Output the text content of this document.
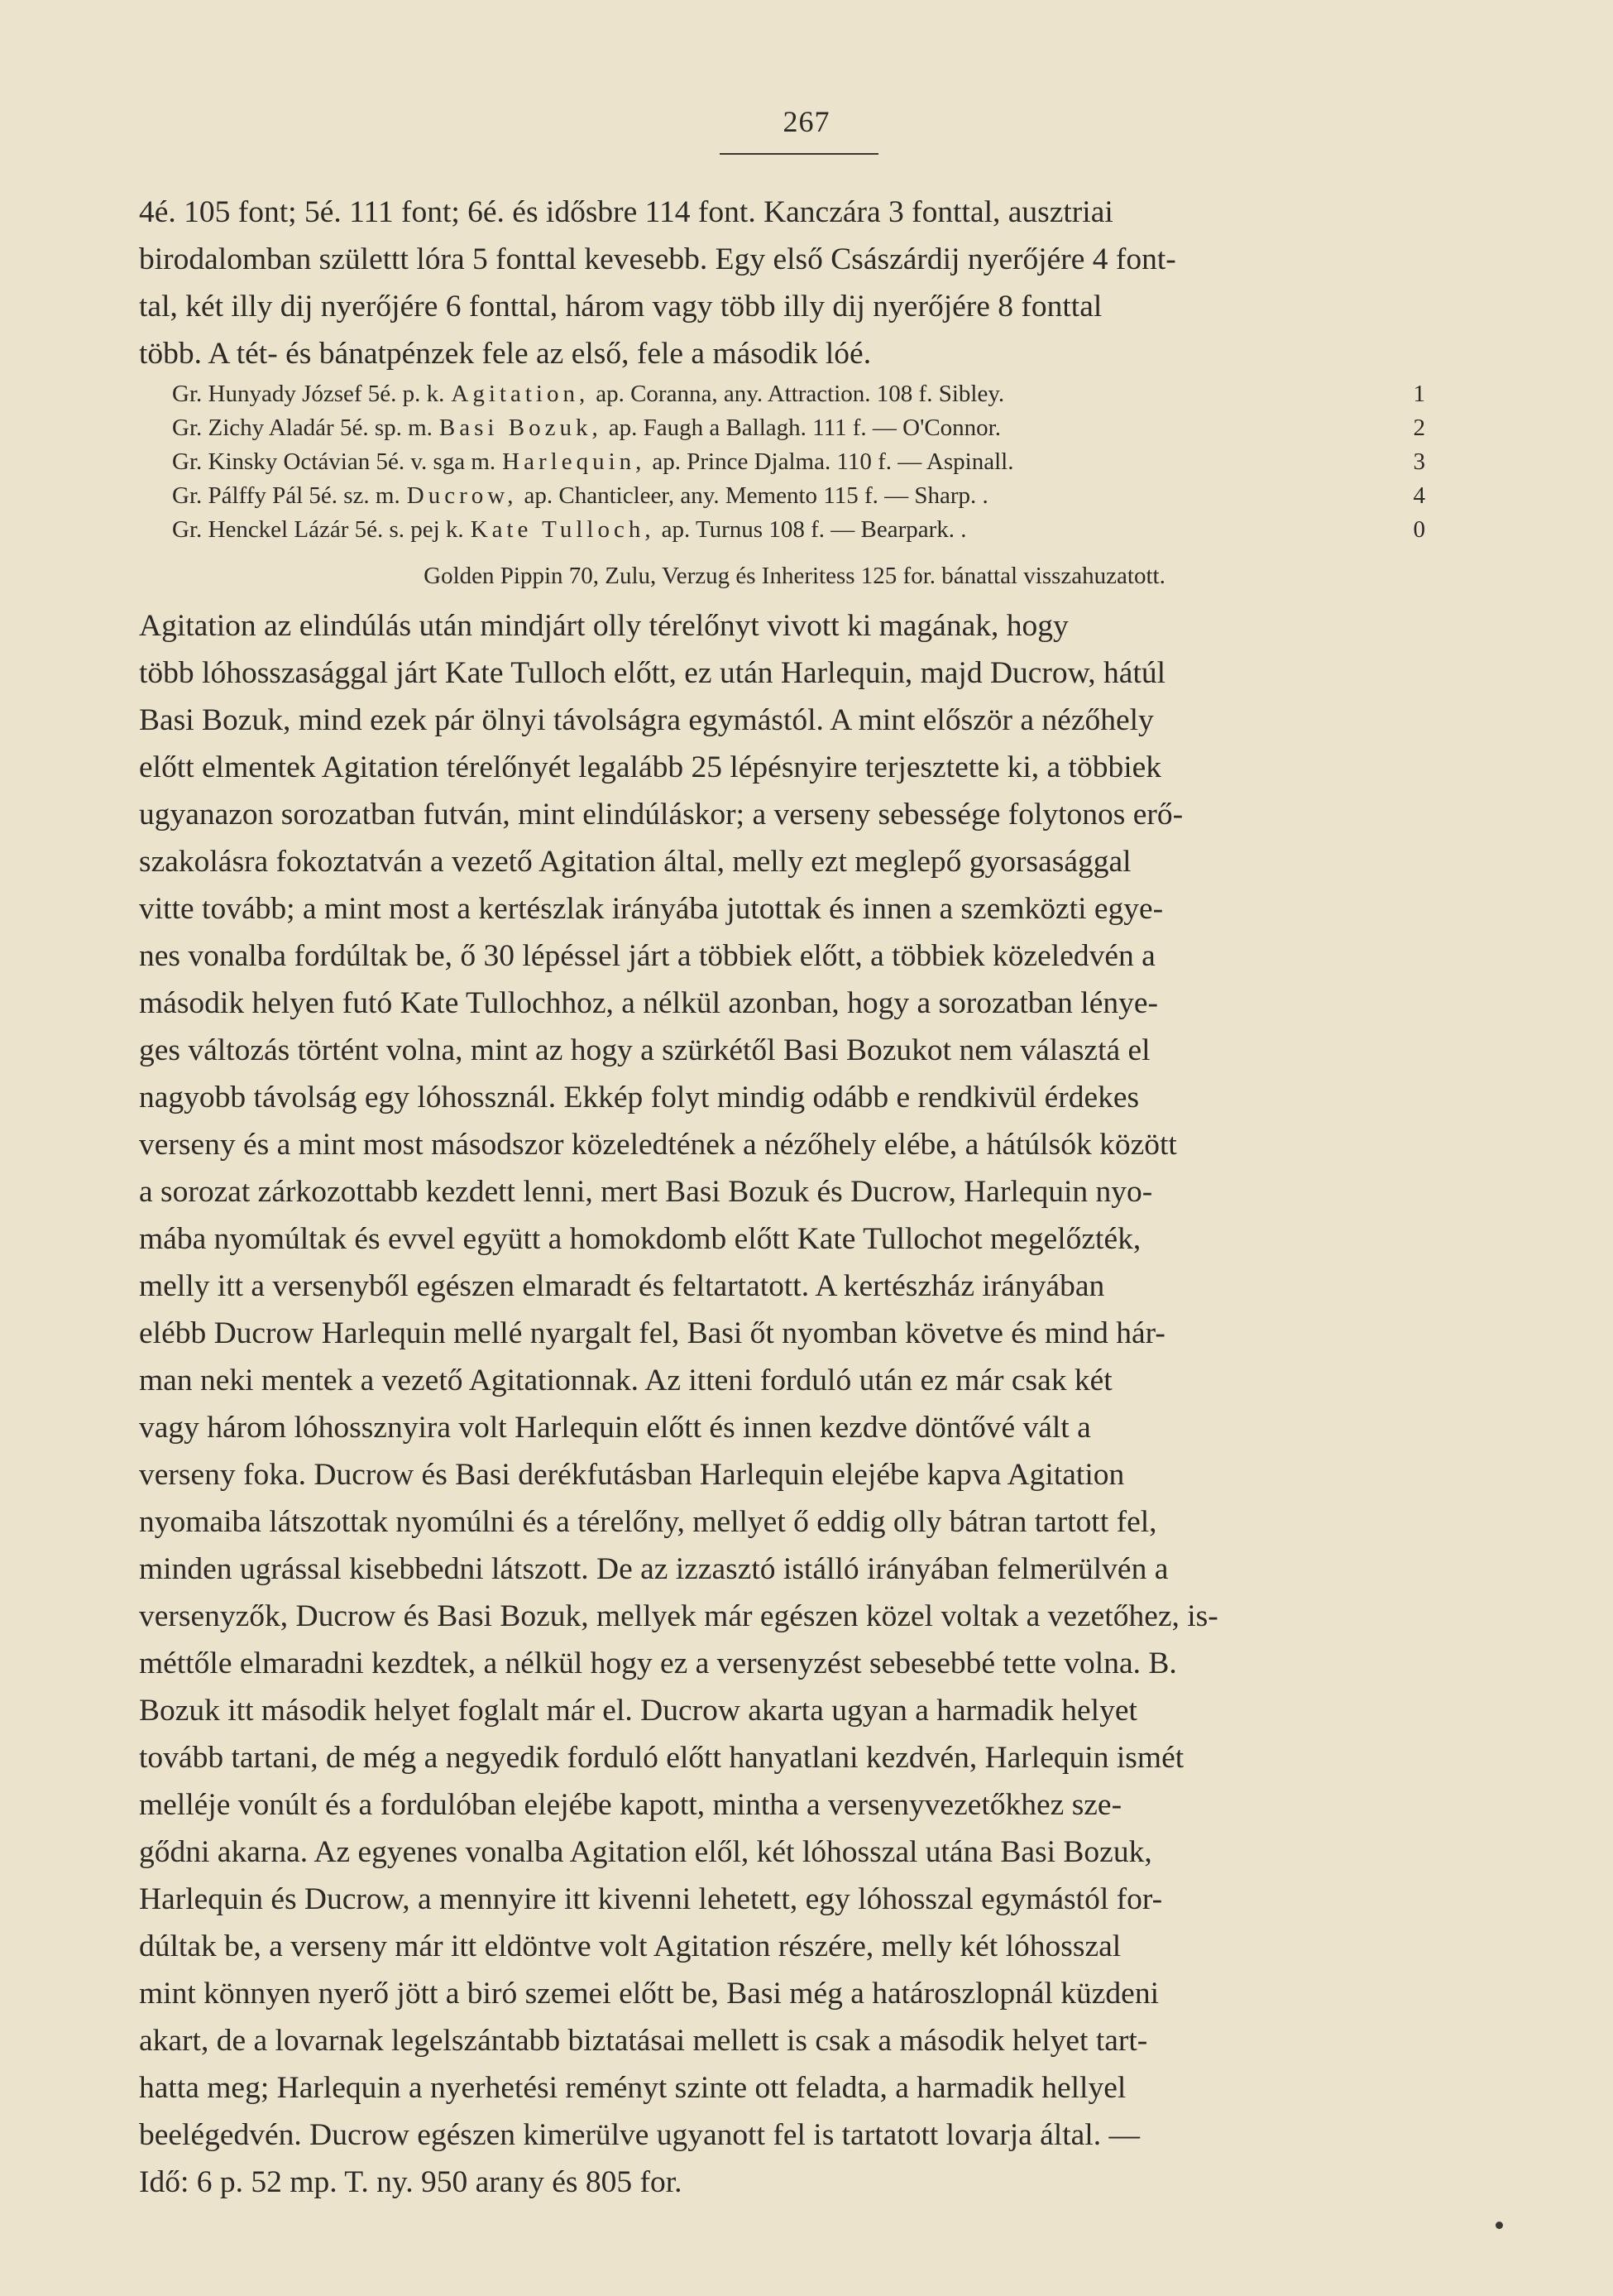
267
4é. 105 font; 5é. 111 font; 6é. és idősbre 114 font. Kanczára 3 fonttal, ausztriai
birodalomban születtt lóra 5 fonttal kevesebb. Egy első Császárdij nyerőjére 4 font-
tal, két illy dij nyerőjére 6 fonttal, három vagy több illy dij nyerőjére 8 fonttal
több. A tét- és bánatpénzek fele az első, fele a második lóé.
Gr. Hunyady József 5é. p. k. Agitation, ap. Coranna, any. Attraction. 108 f. Sibley.	1
Gr. Zichy Aladár 5é. sp. m. Basi Bozuk, ap. Faugh a Ballagh. 111 f. — O'Connor.	2
Gr. Kinsky Octávian 5é. v. sga m. Harlequin, ap. Prince Djalma. 110 f. — Aspinall.	3
Gr. Pálffy Pál 5é. sz. m. Ducrow, ap. Chanticleer, any. Memento 115 f. — Sharp. .	4
Gr. Henckel Lázár 5é. s. pej k. Kate Tulloch, ap. Turnus 108 f. — Bearpark. .	0
Golden Pippin 70, Zulu, Verzug és Inheritess 125 for. bánattal visszahuzatott.
Agitation az elindúlás után mindjárt olly térelőnyt vivott ki magának, hogy
több lóhosszasággal járt Kate Tulloch előtt, ez után Harlequin, majd Ducrow, hátúl
Basi Bozuk, mind ezek pár ölnyi távolságra egymástól. A mint először a nézőhely
előtt elmentek Agitation térelőnyét legalább 25 lépésnyire terjesztette ki, a többiek
ugyanazon sorozatban futván, mint elindúláskor; a verseny sebessége folytonos erő-
szakolásra fokoztatván a vezető Agitation által, melly ezt meglepő gyorsasággal
vitte tovább; a mint most a kertészlak irányába jutottak és innen a szemközti egye-
nes vonalba fordúltak be, ő 30 lépéssel járt a többiek előtt, a többiek közeledvén a
második helyen futó Kate Tullochhoz, a nélkül azonban, hogy a sorozatban lénye-
ges változás történt volna, mint az hogy a szürkétől Basi Bozukot nem választá el
nagyobb távolság egy lóhossznál. Ekkép folyt mindig odább e rendkivül érdekes
verseny és a mint most másodszor közeledtének a nézőhely elébe, a hátúlsók között
a sorozat zárkozottabb kezdett lenni, mert Basi Bozuk és Ducrow, Harlequin nyo-
mába nyomúltak és evvel együtt a homokdomb előtt Kate Tullochot megelőzték,
melly itt a versenyből egészen elmaradt és feltartatott. A kertészház irányában
elébb Ducrow Harlequin mellé nyargalt fel, Basi őt nyomban követve és mind hár-
man neki mentek a vezető Agitationnak. Az itteni forduló után ez már csak két
vagy három lóhossznyira volt Harlequin előtt és innen kezdve döntővé vált a
verseny foka. Ducrow és Basi derékfutásban Harlequin elejébe kapva Agitation
nyomaiba látszottak nyomúlni és a térelőny, mellyet ő eddig olly bátran tartott fel,
minden ugrással kisebbedni látszott. De az izzasztó istálló irányában felmerülvén a
versenyzők, Ducrow és Basi Bozuk, mellyek már egészen közel voltak a vezetőhez, is-
méttőle elmaradni kezdtek, a nélkül hogy ez a versenyzést sebesebbé tette volna. B.
Bozuk itt második helyet foglalt már el. Ducrow akarta ugyan a harmadik helyet
tovább tartani, de még a negyedik forduló előtt hanyatlani kezdvén, Harlequin ismét
melléje vonúlt és a fordulóban elejébe kapott, mintha a versenyvezetőkhez sze-
gődni akarna. Az egyenes vonalba Agitation elől, két lóhosszal utána Basi Bozuk,
Harlequin és Ducrow, a mennyire itt kivenni lehetett, egy lóhosszal egymástól for-
dúltak be, a verseny már itt eldöntve volt Agitation részére, melly két lóhosszal
mint könnyen nyerő jött a biró szemei előtt be, Basi még a határoszlopnál küzdeni
akart, de a lovarnak legelszántabb biztatásai mellett is csak a második helyet tart-
hatta meg; Harlequin a nyerhetési reményt szinte ott feladta, a harmadik hellyel
beelégedvén. Ducrow egészen kimerülve ugyanott fel is tartatott lovarja által. —
Idő: 6 p. 52 mp. T. ny. 950 arany és 805 for.
